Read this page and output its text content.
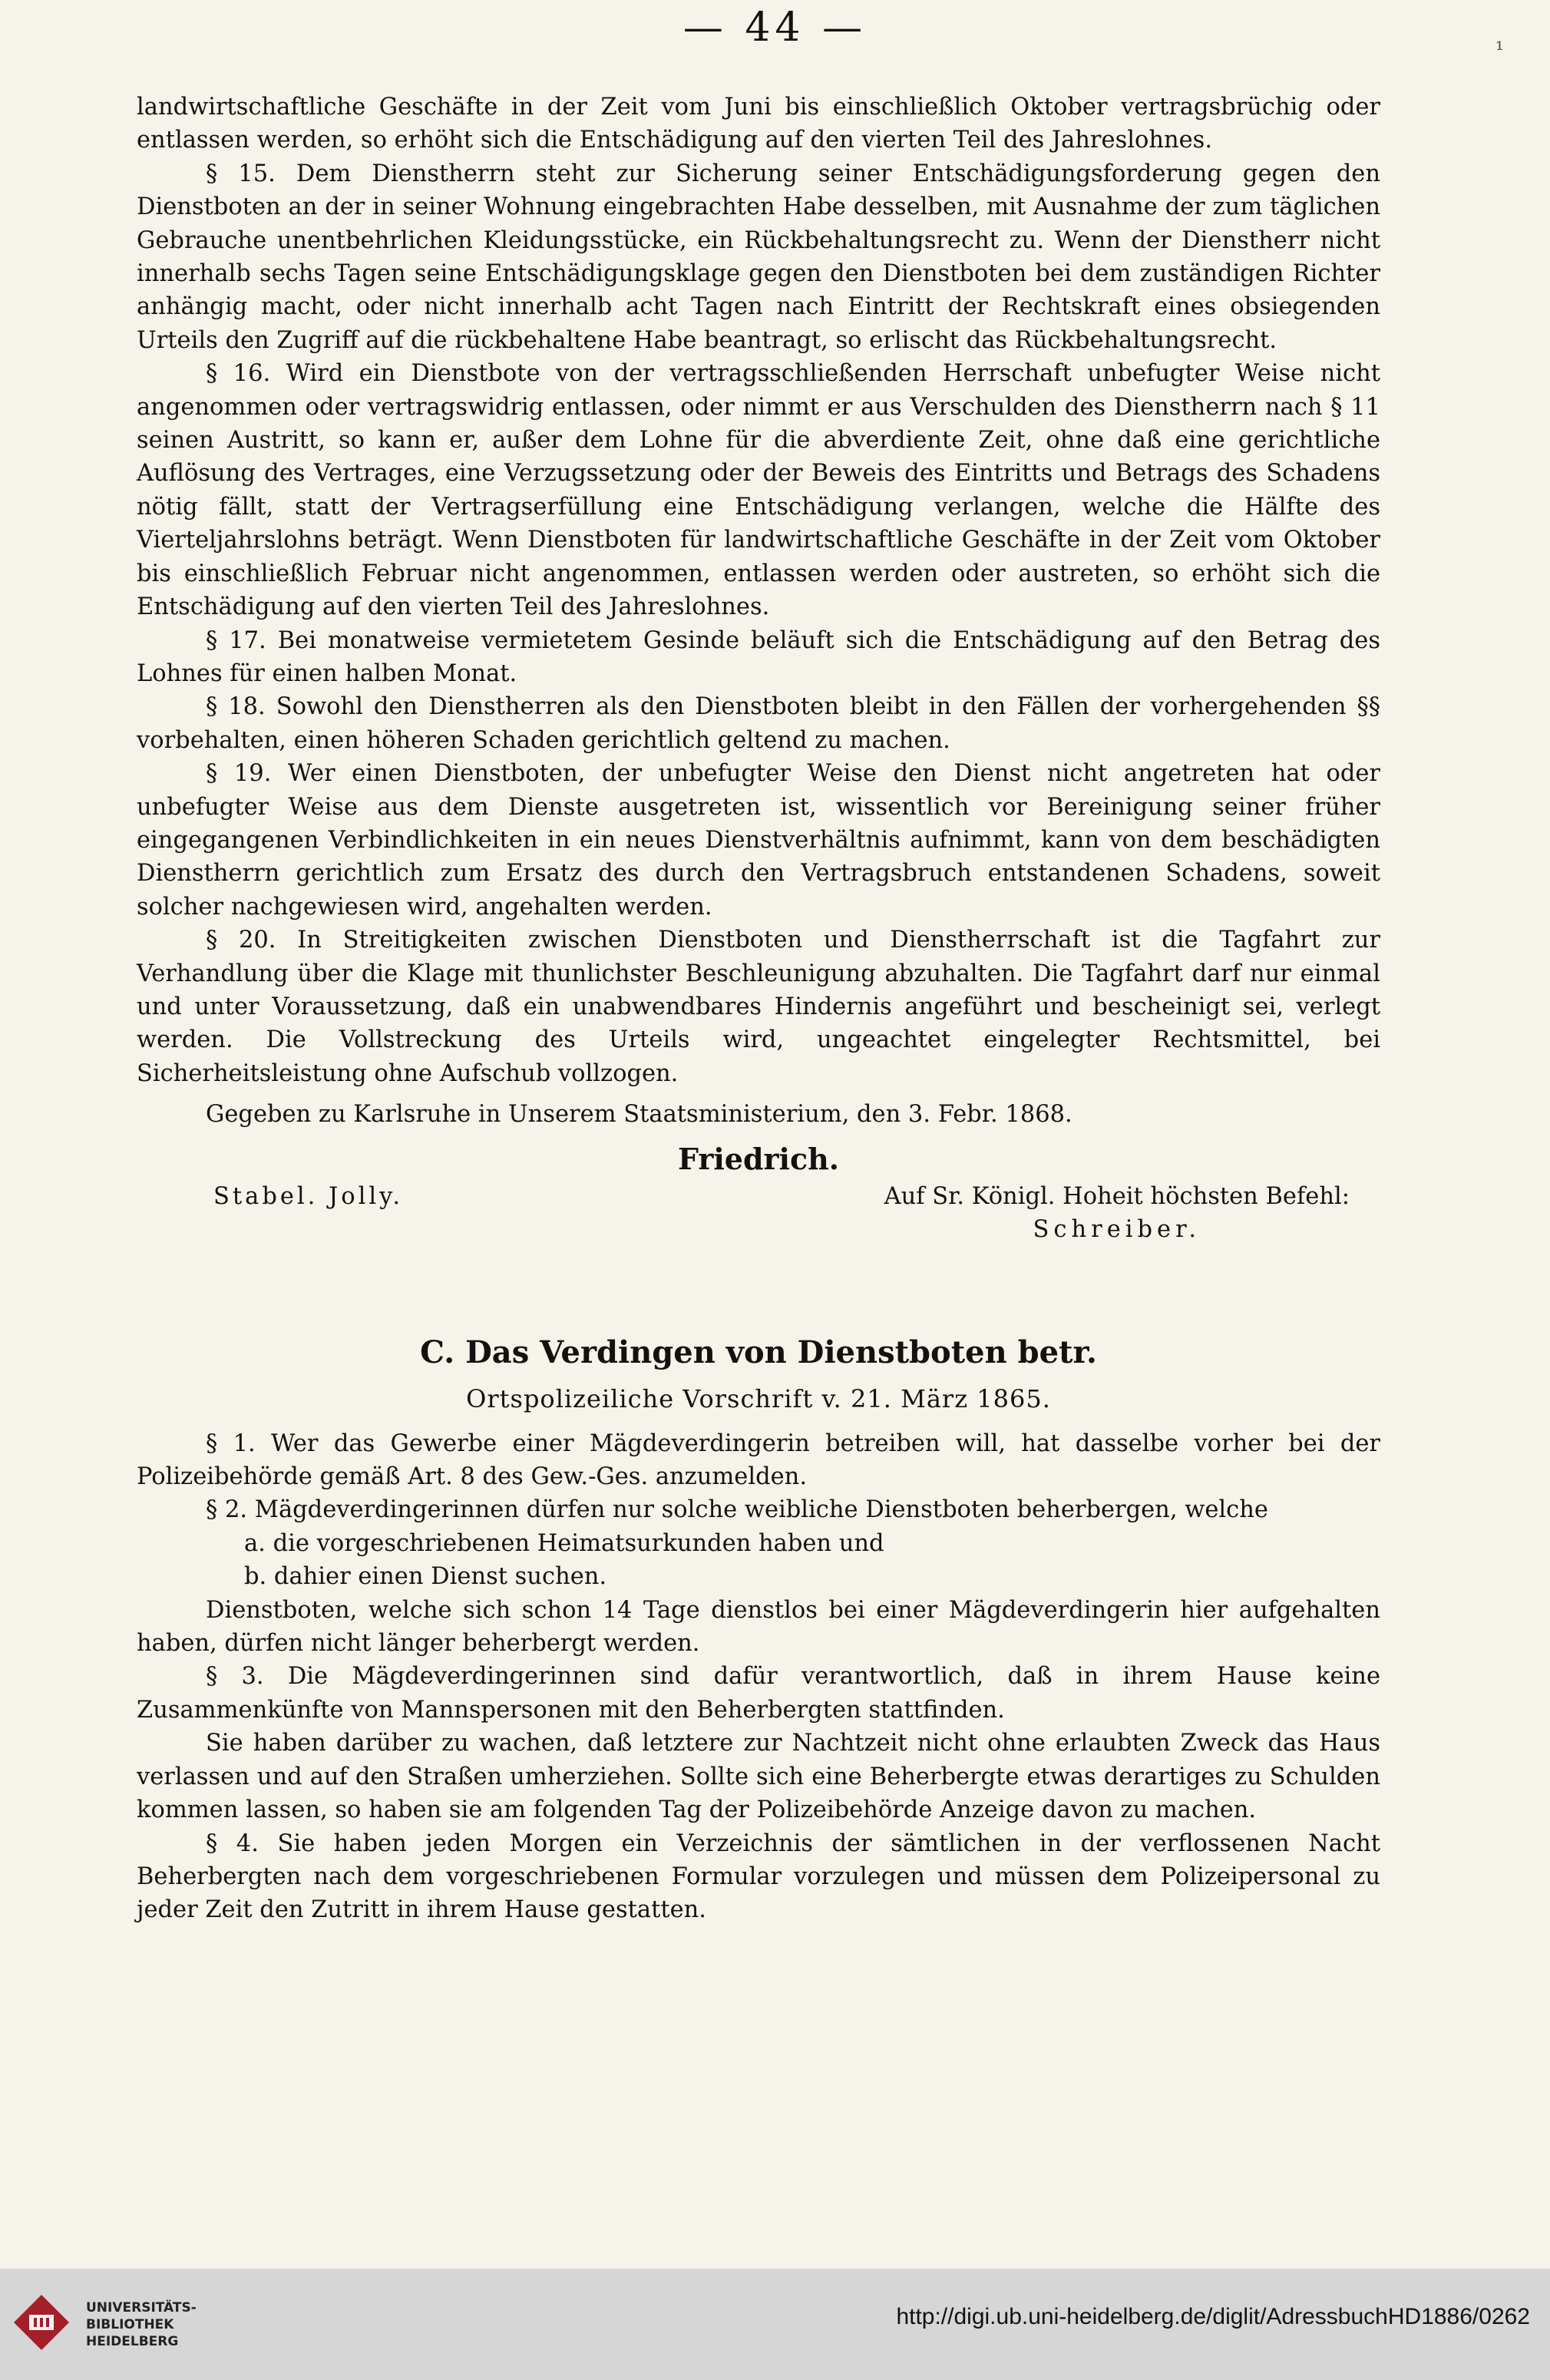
— 44 —	¹

landwirtschaftliche Geschäfte in der Zeit vom Juni bis einschließlich Oktober vertragsbrüchig oder entlassen werden, so erhöht sich die Entschädigung auf den vierten Teil des Jahreslohnes.

§ 15. Dem Dienstherrn steht zur Sicherung seiner Entschädigungsforderung gegen den Dienstboten an der in seiner Wohnung eingebrachten Habe desselben, mit Ausnahme der zum täglichen Gebrauche unentbehrlichen Kleidungsstücke, ein Rückbehaltungsrecht zu. Wenn der Dienstherr nicht innerhalb sechs Tagen seine Entschädigungsklage gegen den Dienstboten bei dem zuständigen Richter anhängig macht, oder nicht innerhalb acht Tagen nach Eintritt der Rechtskraft eines obsiegenden Urteils den Zugriff auf die rückbehaltene Habe beantragt, so erlischt das Rückbehaltungsrecht.

§ 16. Wird ein Dienstbote von der vertragsschließenden Herrschaft unbefugter Weise nicht angenommen oder vertragswidrig entlassen, oder nimmt er aus Verschulden des Dienstherrn nach § 11 seinen Austritt, so kann er, außer dem Lohne für die abverdiente Zeit, ohne daß eine gerichtliche Auflösung des Vertrages, eine Verzugssetzung oder der Beweis des Eintritts und Betrags des Schadens nötig fällt, statt der Vertragserfüllung eine Entschädigung verlangen, welche die Hälfte des Vierteljahrslohns beträgt. Wenn Dienstboten für landwirtschaftliche Geschäfte in der Zeit vom Oktober bis einschließlich Februar nicht angenommen, entlassen werden oder austreten, so erhöht sich die Entschädigung auf den vierten Teil des Jahreslohnes.

§ 17. Bei monatweise vermietetem Gesinde beläuft sich die Entschädigung auf den Betrag des Lohnes für einen halben Monat.

§ 18. Sowohl den Dienstherren als den Dienstboten bleibt in den Fällen der vorhergehenden §§ vorbehalten, einen höheren Schaden gerichtlich geltend zu machen.

§ 19. Wer einen Dienstboten, der unbefugter Weise den Dienst nicht angetreten hat oder unbefugter Weise aus dem Dienste ausgetreten ist, wissentlich vor Bereinigung seiner früher eingegangenen Verbindlichkeiten in ein neues Dienstverhältnis aufnimmt, kann von dem beschädigten Dienstherrn gerichtlich zum Ersatz des durch den Vertragsbruch entstandenen Schadens, soweit solcher nachgewiesen wird, angehalten werden.

§ 20. In Streitigkeiten zwischen Dienstboten und Dienstherrschaft ist die Tagfahrt zur Verhandlung über die Klage mit thunlichster Beschleunigung abzuhalten. Die Tagfahrt darf nur einmal und unter Voraussetzung, daß ein unabwendbares Hindernis angeführt und bescheinigt sei, verlegt werden. Die Vollstreckung des Urteils wird, ungeachtet eingelegter Rechtsmittel, bei Sicherheitsleistung ohne Aufschub vollzogen.

Gegeben zu Karlsruhe in Unserem Staatsministerium, den 3. Febr. 1868.

Friedrich.

Stabel. Jolly.	Auf Sr. Königl. Hoheit höchsten Befehl:
Schreiber.

C. Das Verdingen von Dienstboten betr.

Ortspolizeiliche Vorschrift v. 21. März 1865.

§ 1. Wer das Gewerbe einer Mägdeverdingerin betreiben will, hat dasselbe vorher bei der Polizeibehörde gemäß Art. 8 des Gew.-Ges. anzumelden.

§ 2. Mägdeverdingerinnen dürfen nur solche weibliche Dienstboten beherbergen, welche

a. die vorgeschriebenen Heimatsurkunden haben und

b. dahier einen Dienst suchen.

Dienstboten, welche sich schon 14 Tage dienstlos bei einer Mägdeverdingerin hier aufgehalten haben, dürfen nicht länger beherbergt werden.

§ 3. Die Mägdeverdingerinnen sind dafür verantwortlich, daß in ihrem Hause keine Zusammenkünfte von Mannspersonen mit den Beherbergten stattfinden.

Sie haben darüber zu wachen, daß letztere zur Nachtzeit nicht ohne erlaubten Zweck das Haus verlassen und auf den Straßen umherziehen. Sollte sich eine Beherbergte etwas derartiges zu Schulden kommen lassen, so haben sie am folgenden Tag der Polizeibehörde Anzeige davon zu machen.

§ 4. Sie haben jeden Morgen ein Verzeichnis der sämtlichen in der verflossenen Nacht Beherbergten nach dem vorgeschriebenen Formular vorzulegen und müssen dem Polizeipersonal zu jeder Zeit den Zutritt in ihrem Hause gestatten.

UNIVERSITÄTS-
BIBLIOTHEK
HEIDELBERG
http://digi.ub.uni-heidelberg.de/diglit/AdressbuchHD1886/0262
